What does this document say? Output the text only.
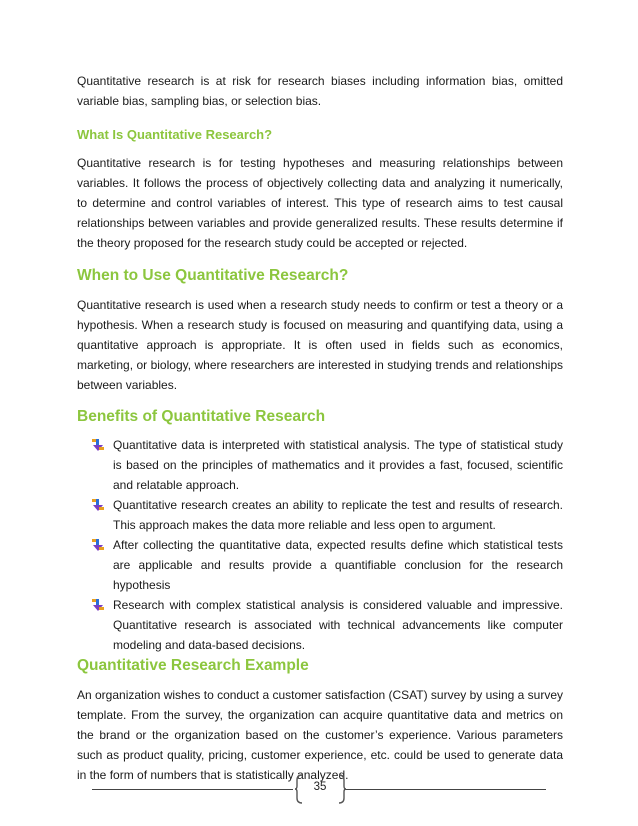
Quantitative research is at risk for research biases including information bias, omitted variable bias, sampling bias, or selection bias.

What Is Quantitative Research?

Quantitative research is for testing hypotheses and measuring relationships between variables. It follows the process of objectively collecting data and analyzing it numerically, to determine and control variables of interest. This type of research aims to test causal relationships between variables and provide generalized results. These results determine if the theory proposed for the research study could be accepted or rejected.

When to Use Quantitative Research?

Quantitative research is used when a research study needs to confirm or test a theory or a hypothesis. When a research study is focused on measuring and quantifying data, using a quantitative approach is appropriate. It is often used in fields such as economics, marketing, or biology, where researchers are interested in studying trends and relationships between variables.

Benefits of Quantitative Research
Quantitative data is interpreted with statistical analysis. The type of statistical study is based on the principles of mathematics and it provides a fast, focused, scientific and relatable approach.
Quantitative research creates an ability to replicate the test and results of research. This approach makes the data more reliable and less open to argument.
After collecting the quantitative data, expected results define which statistical tests are applicable and results provide a quantifiable conclusion for the research hypothesis
Research with complex statistical analysis is considered valuable and impressive. Quantitative research is associated with technical advancements like computer modeling and data-based decisions.
Quantitative Research Example

An organization wishes to conduct a customer satisfaction (CSAT) survey by using a survey template. From the survey, the organization can acquire quantitative data and metrics on the brand or the organization based on the customer’s experience. Various parameters such as product quality, pricing, customer experience, etc. could be used to generate data in the form of numbers that is statistically analyzed.

35
